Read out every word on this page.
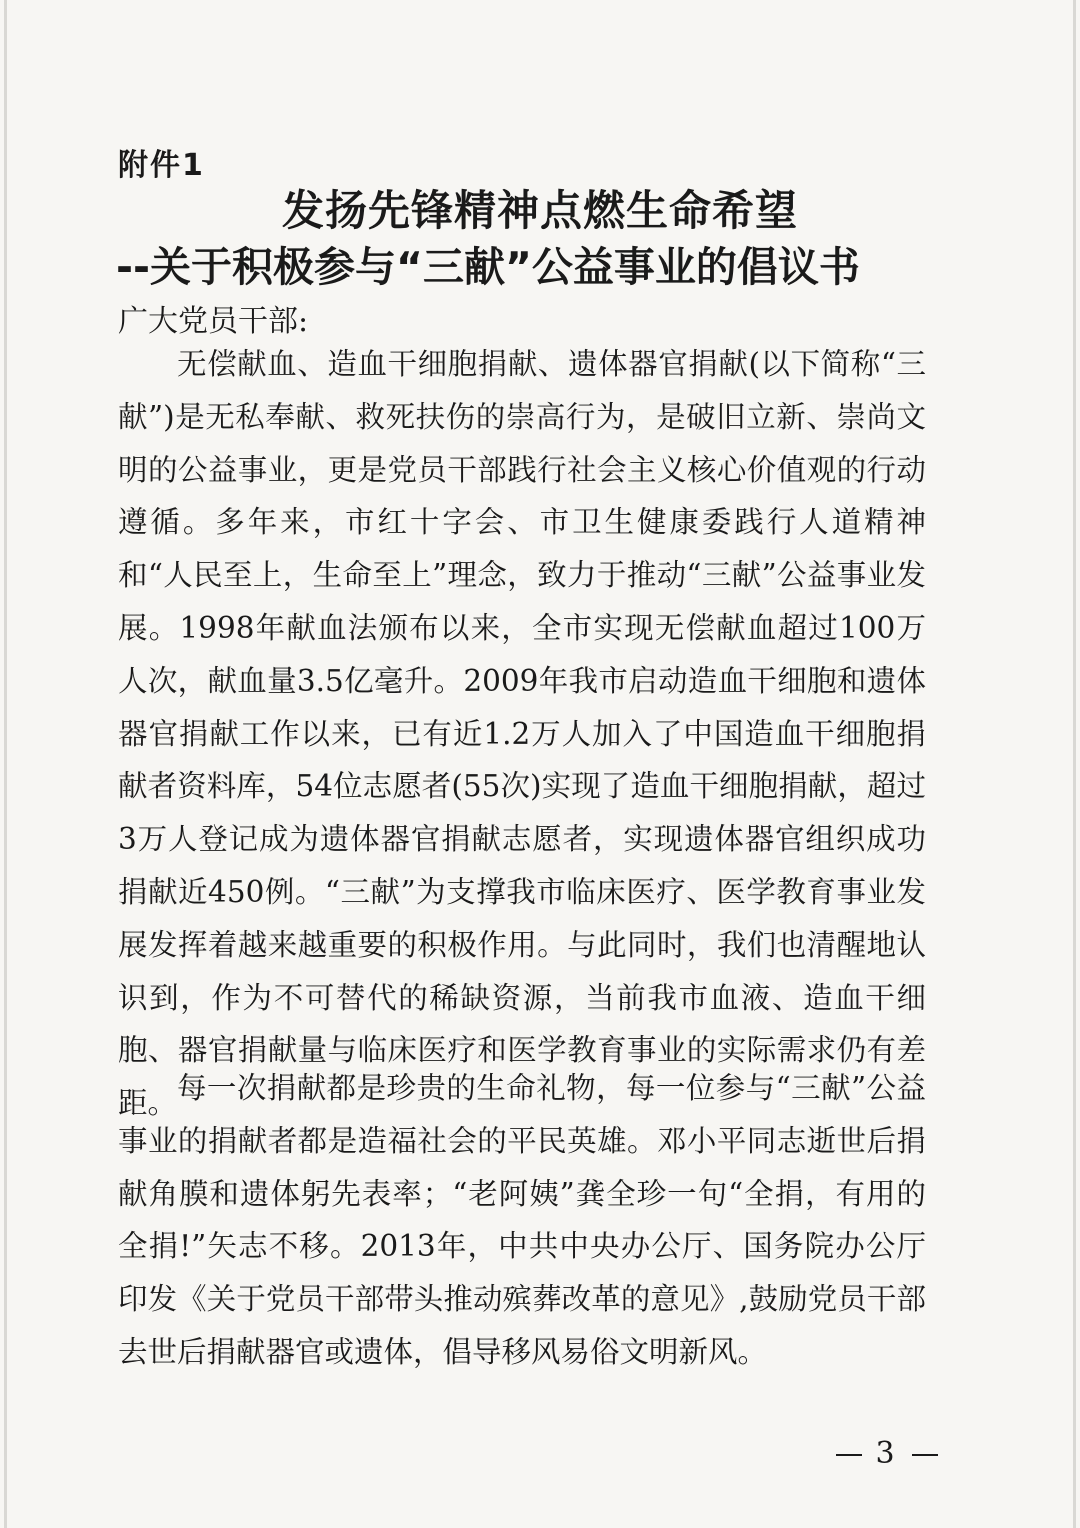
附件1
发扬先锋精神点燃生命希望
--关于积极参与“三献”公益事业的倡议书
广大党员干部:

无偿献血、造血干细胞捐献、遗体器官捐献(以下简称“三献”)是无私奉献、救死扶伤的崇高行为，是破旧立新、崇尚文明的公益事业，更是党员干部践行社会主义核心价值观的行动遵循。多年来，市红十字会、市卫生健康委践行人道精神和“人民至上，生命至上”理念，致力于推动“三献”公益事业发展。1998年献血法颁布以来，全市实现无偿献血超过100万人次，献血量3.5亿毫升。2009年我市启动造血干细胞和遗体器官捐献工作以来，已有近1.2万人加入了中国造血干细胞捐献者资料库，54位志愿者(55次)实现了造血干细胞捐献，超过3万人登记成为遗体器官捐献志愿者，实现遗体器官组织成功捐献近450例。“三献”为支撑我市临床医疗、医学教育事业发展发挥着越来越重要的积极作用。与此同时，我们也清醒地认识到，作为不可替代的稀缺资源，当前我市血液、造血干细胞、器官捐献量与临床医疗和医学教育事业的实际需求仍有差距。 每一次捐献都是珍贵的生命礼物，每一位参与“三献”公益事业的捐献者都是造福社会的平民英雄。邓小平同志逝世后捐献角膜和遗体躬先表率；“老阿姨”龚全珍一句“全捐，有用的全捐!”矢志不移。2013年，中共中央办公厅、国务院办公厅印发《关于党员干部带头推动殡葬改革的意见》,鼓励党员干部去世后捐献器官或遗体，倡导移风易俗文明新风。

3
